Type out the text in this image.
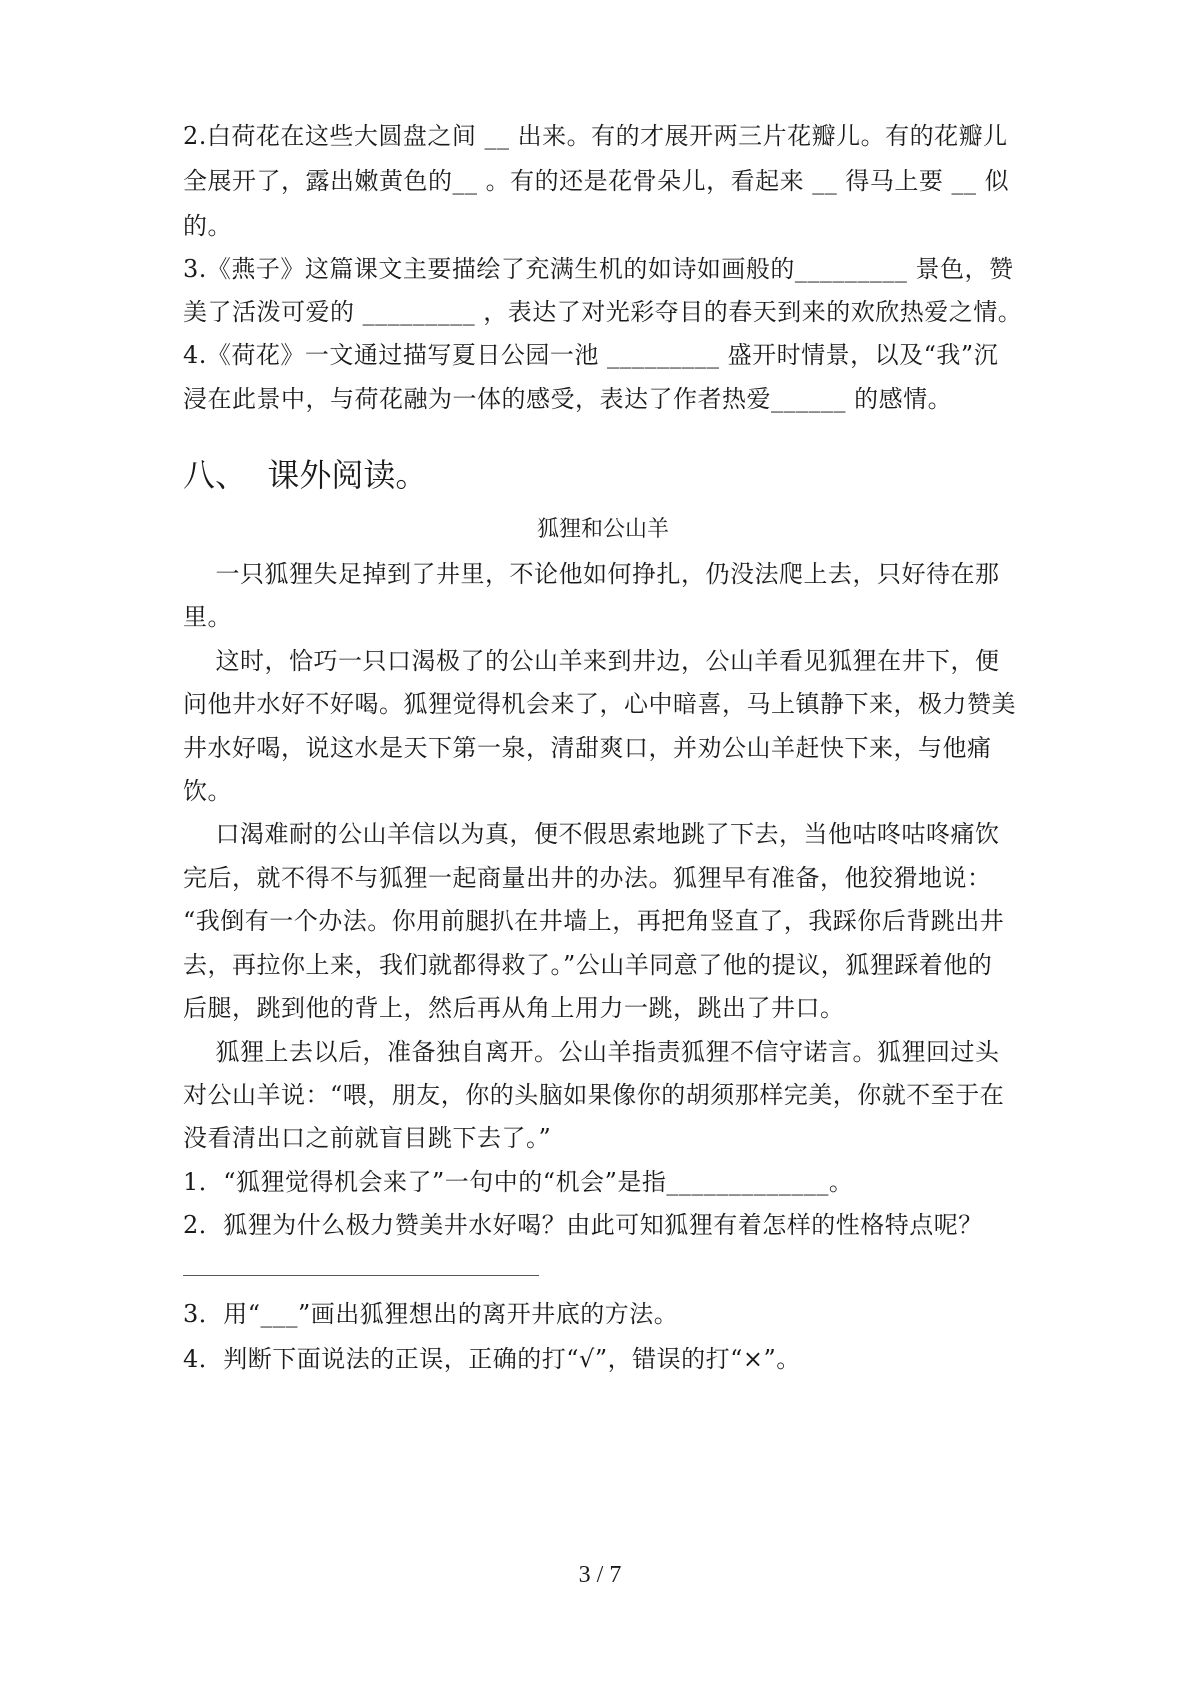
2.白荷花在这些大圆盘之间 __ 出来。有的才展开两三片花瓣儿。有的花瓣儿
全展开了，露出嫩黄色的__ 。有的还是花骨朵儿，看起来 __ 得马上要 __ 似
的。
3.《燕子》这篇课文主要描绘了充满生机的如诗如画般的_________ 景色，赞
美了活泼可爱的 _________ ，表达了对光彩夺目的春天到来的欢欣热爱之情。
4.《荷花》一文通过描写夏日公园一池 _________ 盛开时情景，以及“我”沉
浸在此景中，与荷花融为一体的感受，表达了作者热爱______ 的感情。
八、  课外阅读。
狐狸和公山羊
一只狐狸失足掉到了井里，不论他如何挣扎，仍没法爬上去，只好待在那
里。
这时，恰巧一只口渴极了的公山羊来到井边，公山羊看见狐狸在井下，便
问他井水好不好喝。狐狸觉得机会来了，心中暗喜，马上镇静下来，极力赞美
井水好喝，说这水是天下第一泉，清甜爽口，并劝公山羊赶快下来，与他痛
饮。
口渴难耐的公山羊信以为真，便不假思索地跳了下去，当他咕咚咕咚痛饮
完后，就不得不与狐狸一起商量出井的办法。狐狸早有准备，他狡猾地说：
“我倒有一个办法。你用前腿扒在井墙上，再把角竖直了，我踩你后背跳出井
去，再拉你上来，我们就都得救了。”公山羊同意了他的提议，狐狸踩着他的
后腿，跳到他的背上，然后再从角上用力一跳，跳出了井口。
狐狸上去以后，准备独自离开。公山羊指责狐狸不信守诺言。狐狸回过头
对公山羊说：“喂，朋友，你的头脑如果像你的胡须那样完美，你就不至于在
没看清出口之前就盲目跳下去了。”
1．“狐狸觉得机会来了”一句中的“机会”是指_____________。
2．狐狸为什么极力赞美井水好喝？由此可知狐狸有着怎样的性格特点呢？
3．用“___”画出狐狸想出的离开井底的方法。
4．判断下面说法的正误，正确的打“√”，错误的打“×”。
3 / 7
